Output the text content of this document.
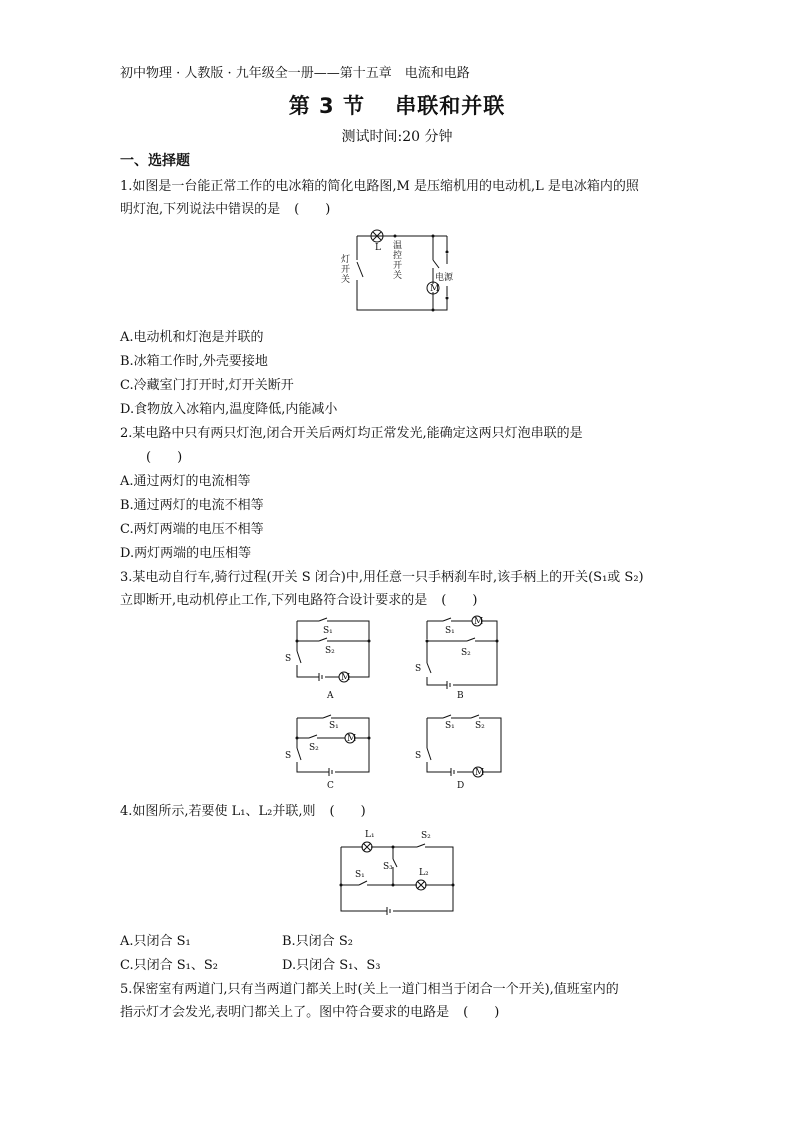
初中物理 · 人教版 · 九年级全一册——第十五章　电流和电路
第 3 节　 串联和并联
测试时间:20 分钟
一、选择题
1.如图是一台能正常工作的电冰箱的简化电路图,M 是压缩机用的电动机,L 是电冰箱内的照
明灯泡,下列说法中错误的是 (　　)
L
灯
开
关
温
控
开
关
M
电源
A.电动机和灯泡是并联的
B.冰箱工作时,外壳要接地
C.冷藏室门打开时,灯开关断开
D.食物放入冰箱内,温度降低,内能减小
2.某电路中只有两只灯泡,闭合开关后两灯均正常发光,能确定这两只灯泡串联的是
(　　)
A.通过两灯的电流相等
B.通过两灯的电流不相等
C.两灯两端的电压不相等
D.两灯两端的电压相等
3.某电动自行车,骑行过程(开关 S 闭合)中,用任意一只手柄刹车时,该手柄上的开关(S₁或 S₂)
立即断开,电动机停止工作,下列电路符合设计要求的是 (　　)
S₁
S₂
S
M
A
S₁
S₂
S
M
B
S₁
S₂
S
M
C
S₁ S₂
S
M
D
4.如图所示,若要使 L₁、L₂并联,则 (　　)
L₁
L₂
S₂
S₁
S₃
A.只闭合 S₁	B.只闭合 S₂
C.只闭合 S₁、S₂	D.只闭合 S₁、S₃
5.保密室有两道门,只有当两道门都关上时(关上一道门相当于闭合一个开关),值班室内的
指示灯才会发光,表明门都关上了。图中符合要求的电路是 (　　)
